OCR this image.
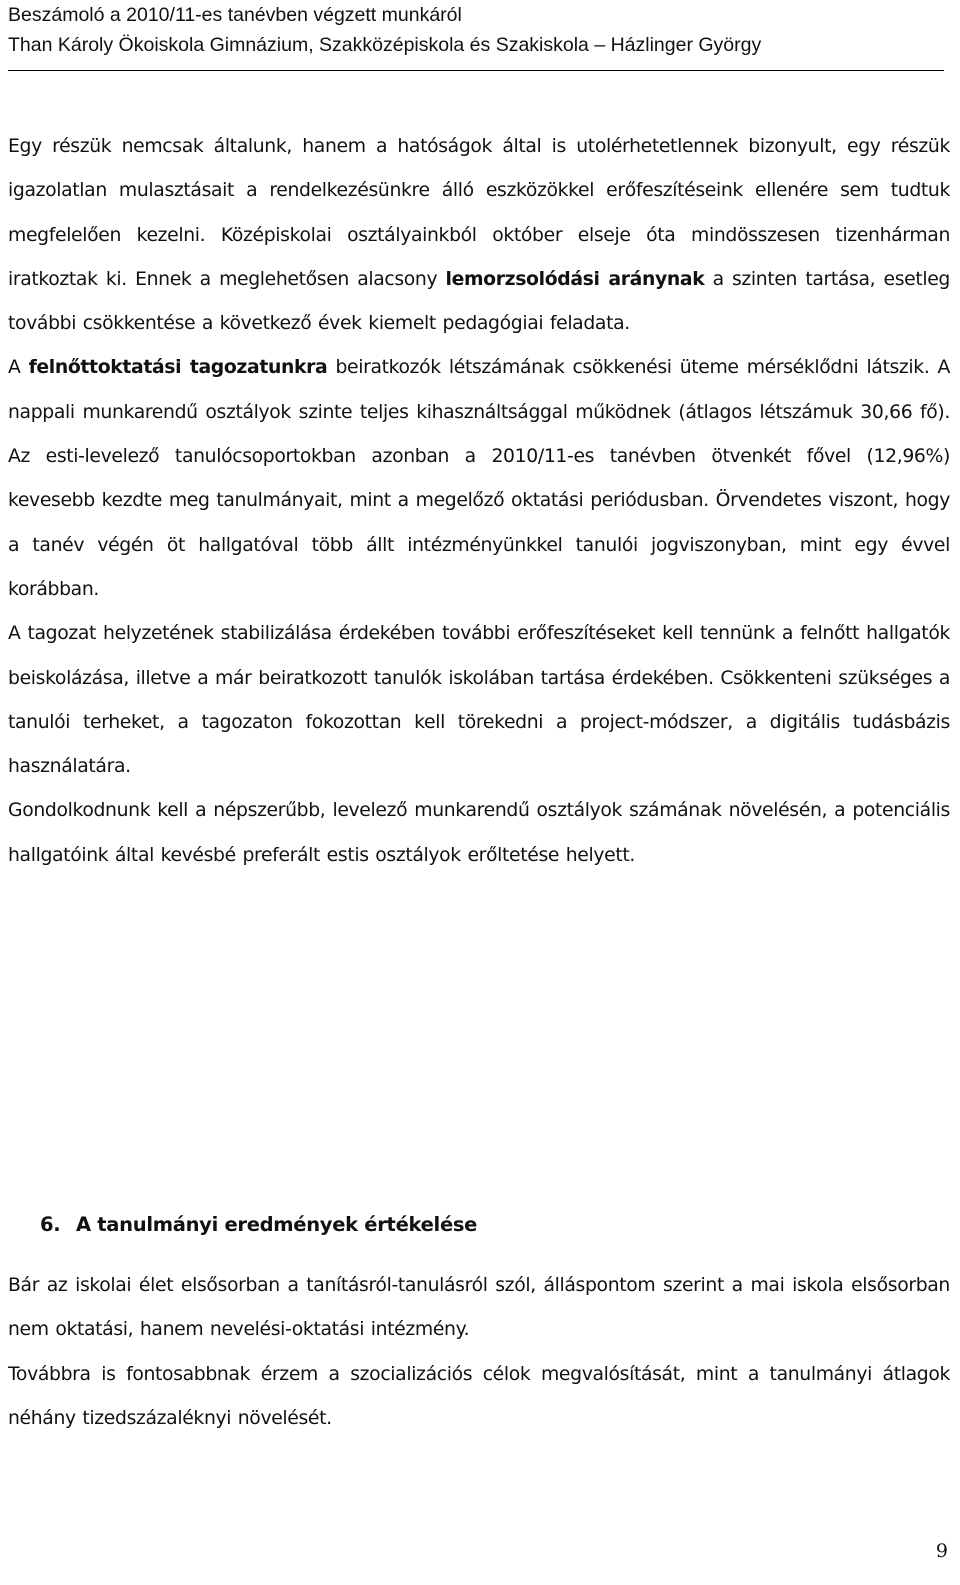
Beszámoló a 2010/11-es tanévben végzett munkáról
Than Károly Ökoiskola Gimnázium, Szakközépiskola és Szakiskola – Házlinger György

Egy részük nemcsak általunk, hanem a hatóságok által is utolérhetetlennek bizonyult, egy részük igazolatlan mulasztásait a rendelkezésünkre álló eszközökkel erőfeszítéseink ellenére sem tudtuk megfelelően kezelni. Középiskolai osztályainkból október elseje óta mindösszesen tizenhárman iratkoztak ki. Ennek a meglehetősen alacsony lemorzsolódási aránynak a szinten tartása, esetleg további csökkentése a következő évek kiemelt pedagógiai feladata.

A felnőttoktatási tagozatunkra beiratkozók létszámának csökkenési üteme mérséklődni látszik. A nappali munkarendű osztályok szinte teljes kihasználtsággal működnek (átlagos létszámuk 30,66 fő). Az esti-levelező tanulócsoportokban azonban a 2010/11-es tanévben ötvenkét fővel (12,96%) kevesebb kezdte meg tanulmányait, mint a megelőző oktatási periódusban. Örvendetes viszont, hogy a tanév végén öt hallgatóval több állt intézményünkkel tanulói jogviszonyban, mint egy évvel korábban.

A tagozat helyzetének stabilizálása érdekében további erőfeszítéseket kell tennünk a felnőtt hallgatók beiskolázása, illetve a már beiratkozott tanulók iskolában tartása érdekében. Csökkenteni szükséges a tanulói terheket, a tagozaton fokozottan kell törekedni a project-módszer, a digitális tudásbázis használatára.

Gondolkodnunk kell a népszerűbb, levelező munkarendű osztályok számának növelésén, a potenciális hallgatóink által kevésbé preferált estis osztályok erőltetése helyett.

6. A tanulmányi eredmények értékelése

Bár az iskolai élet elsősorban a tanításról-tanulásról szól, álláspontom szerint a mai iskola elsősorban nem oktatási, hanem nevelési-oktatási intézmény.

Továbbra is fontosabbnak érzem a szocializációs célok megvalósítását, mint a tanulmányi átlagok néhány tizedszázaléknyi növelését.

9
